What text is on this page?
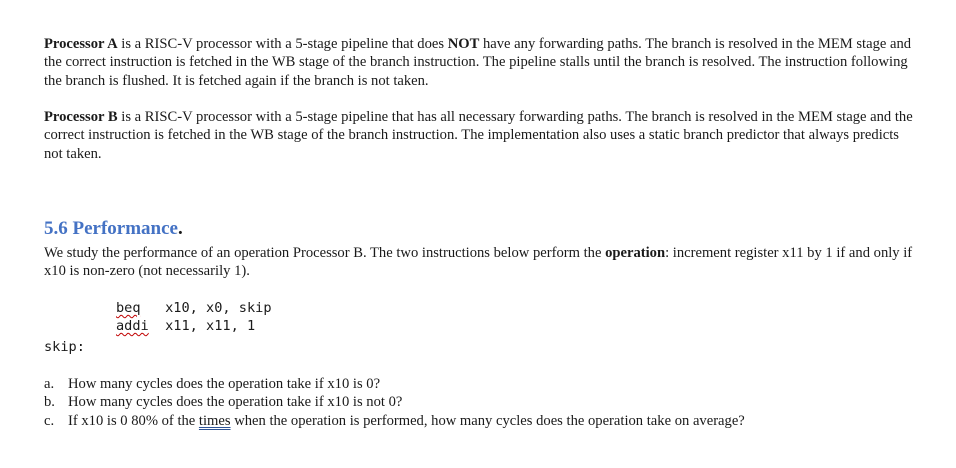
Processor A is a RISC-V processor with a 5-stage pipeline that does NOT have any forwarding paths. The branch is resolved in the MEM stage and the correct instruction is fetched in the WB stage of the branch instruction. The pipeline stalls until the branch is resolved. The instruction following the branch is flushed. It is fetched again if the branch is not taken.

Processor B is a RISC-V processor with a 5-stage pipeline that has all necessary forwarding paths. The branch is resolved in the MEM stage and the correct instruction is fetched in the WB stage of the branch instruction. The implementation also uses a static branch predictor that always predicts not taken.

5.6 Performance.

We study the performance of an operation Processor B. The two instructions below perform the operation: increment register x11 by 1 if and only if x10 is non-zero (not necessarily 1).

beq   x10, x0, skip
addi  x11, x11, 1
skip:
a. How many cycles does the operation take if x10 is 0?
b. How many cycles does the operation take if x10 is not 0?
c. If x10 is 0 80% of the times when the operation is performed, how many cycles does the operation take on average?
